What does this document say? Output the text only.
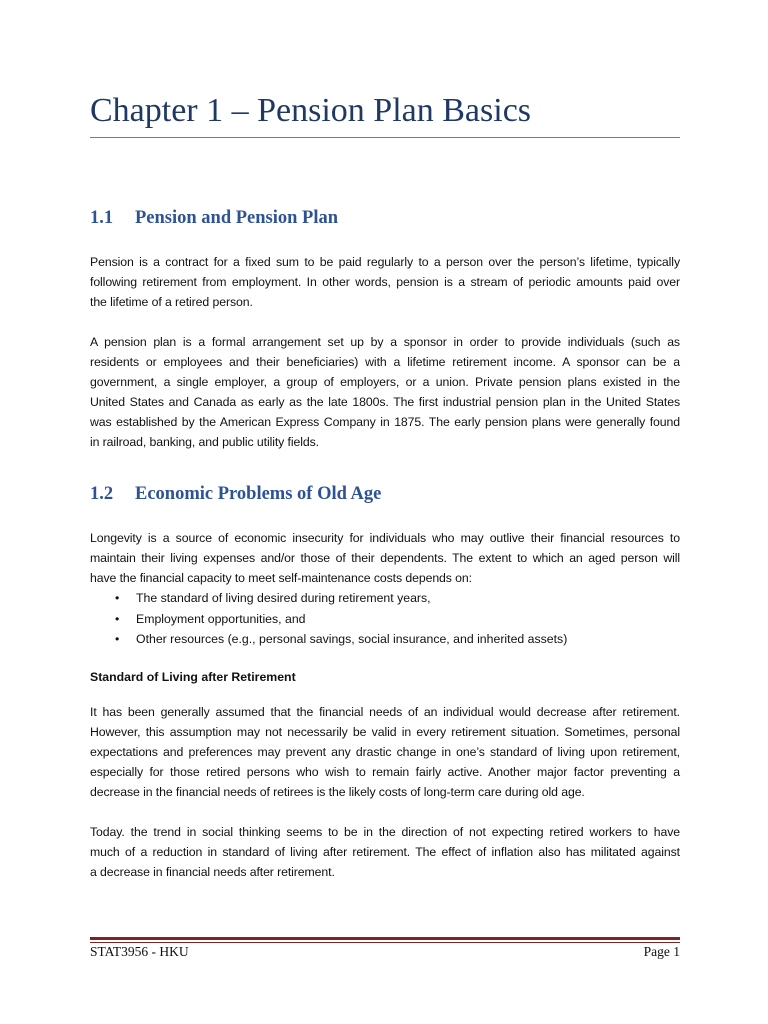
Chapter 1 – Pension Plan Basics
1.1 Pension and Pension Plan

Pension is a contract for a fixed sum to be paid regularly to a person over the person’s lifetime, typically
following retirement from employment. In other words, pension is a stream of periodic amounts paid over
the lifetime of a retired person.

A pension plan is a formal arrangement set up by a sponsor in order to provide individuals (such as
residents or employees and their beneficiaries) with a lifetime retirement income. A sponsor can be a
government, a single employer, a group of employers, or a union. Private pension plans existed in the
United States and Canada as early as the late 1800s. The first industrial pension plan in the United States
was established by the American Express Company in 1875. The early pension plans were generally found
in railroad, banking, and public utility fields.

1.2 Economic Problems of Old Age

Longevity is a source of economic insecurity for individuals who may outlive their financial resources to
maintain their living expenses and/or those of their dependents. The extent to which an aged person will
have the financial capacity to meet self-maintenance costs depends on:

• The standard of living desired during retirement years,
• Employment opportunities, and
• Other resources (e.g., personal savings, social insurance, and inherited assets)
Standard of Living after Retirement

It has been generally assumed that the financial needs of an individual would decrease after retirement.
However, this assumption may not necessarily be valid in every retirement situation. Sometimes, personal
expectations and preferences may prevent any drastic change in one’s standard of living upon retirement,
especially for those retired persons who wish to remain fairly active. Another major factor preventing a
decrease in the financial needs of retirees is the likely costs of long-term care during old age.

Today. the trend in social thinking seems to be in the direction of not expecting retired workers to have
much of a reduction in standard of living after retirement. The effect of inflation also has militated against
a decrease in financial needs after retirement.

STAT3956 - HKU	Page 1
